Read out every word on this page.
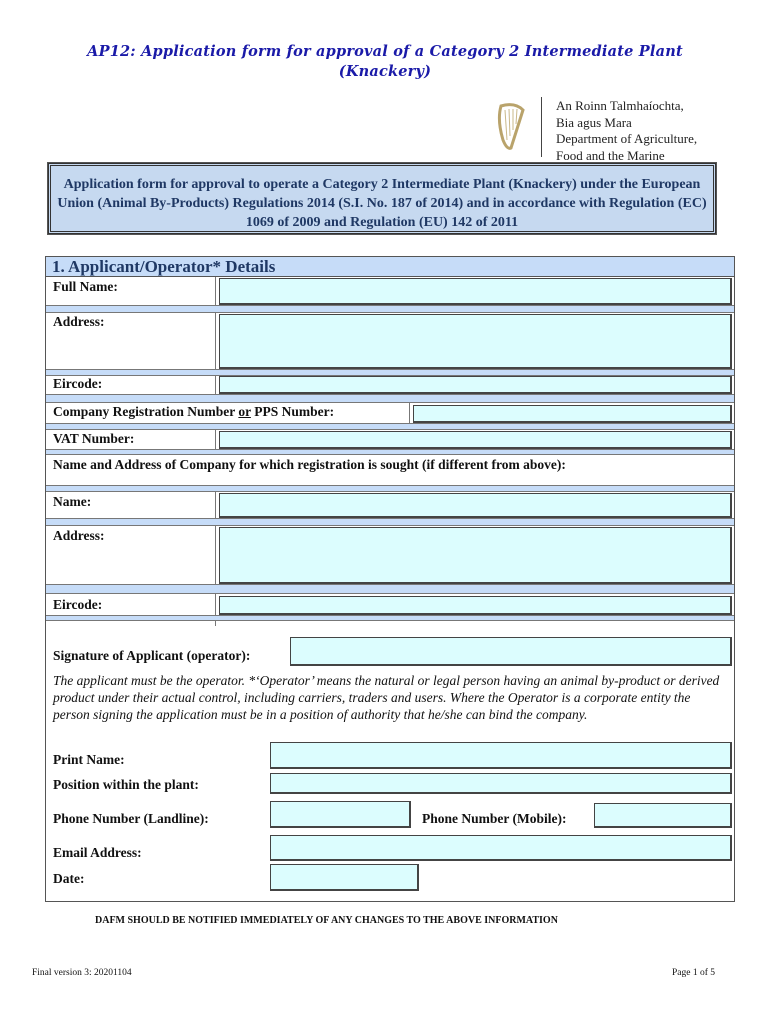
AP12: Application form for approval of a Category 2 Intermediate Plant
(Knackery)
An Roinn Talmhaíochta,
Bia agus Mara
Department of Agriculture,
Food and the Marine
Application form for approval to operate a Category 2 Intermediate Plant (Knackery) under the European Union (Animal By-Products) Regulations 2014 (S.I. No. 187 of 2014) and in accordance with Regulation (EC) 1069 of 2009 and Regulation (EU) 142 of 2011
1. Applicant/Operator* Details
Full Name:
Address:
Eircode:
Company Registration Number or PPS Number:
VAT Number:
Name and Address of Company for which registration is sought (if different from above):
Name:
Address:
Eircode:
Signature of Applicant (operator):
The applicant must be the operator. *‘Operator’ means the natural or legal person having an animal by-product or derived product under their actual control, including carriers, traders and users. Where the Operator is a corporate entity the person signing the application must be in a position of authority that he/she can bind the company.
Print Name:
Position within the plant:
Phone Number (Landline):	Phone Number (Mobile):
Email Address:
Date:
DAFM SHOULD BE NOTIFIED IMMEDIATELY OF ANY CHANGES TO THE ABOVE INFORMATION
Final version 3: 20201104	Page 1 of 5
